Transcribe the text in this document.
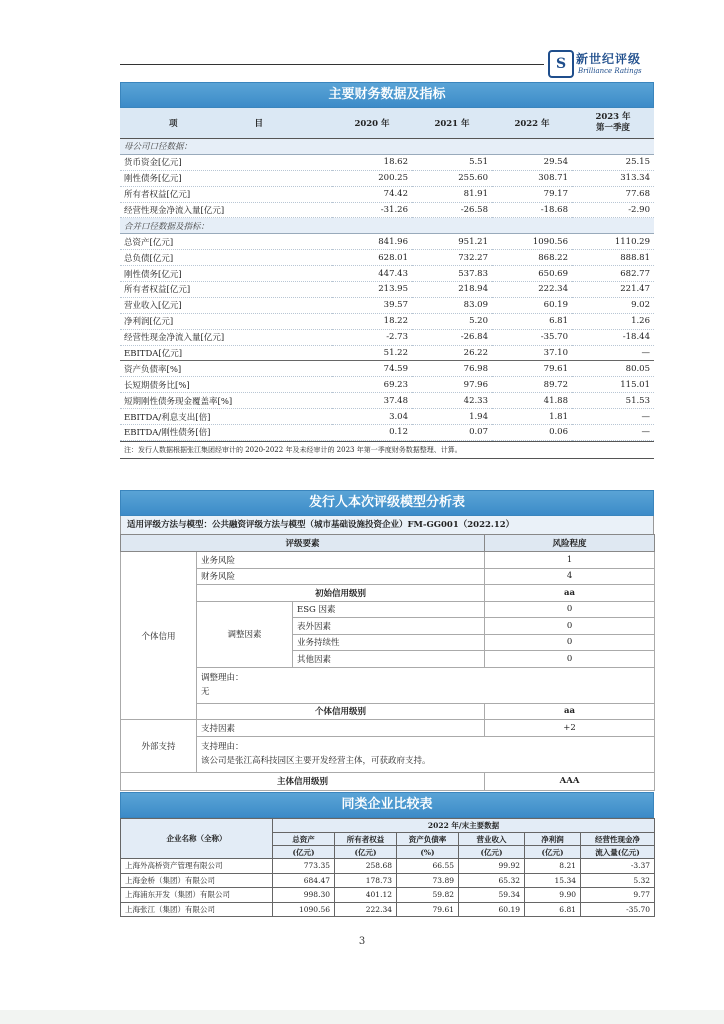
S 新世纪评级
Brilliance Ratings
主要财务数据及指标
项　　目	2020 年	2021 年	2022 年	2023 年
第一季度
母公司口径数据：				
货币资金[亿元]	18.62	5.51	29.54	25.15
刚性债务[亿元]	200.25	255.60	308.71	313.34
所有者权益[亿元]	74.42	81.91	79.17	77.68
经营性现金净流入量[亿元]	-31.26	-26.58	-18.68	-2.90
合并口径数据及指标：				
总资产[亿元]	841.96	951.21	1090.56	1110.29
总负债[亿元]	628.01	732.27	868.22	888.81
刚性债务[亿元]	447.43	537.83	650.69	682.77
所有者权益[亿元]	213.95	218.94	222.34	221.47
营业收入[亿元]	39.57	83.09	60.19	9.02
净利润[亿元]	18.22	5.20	6.81	1.26
经营性现金净流入量[亿元]	-2.73	-26.84	-35.70	-18.44
EBITDA[亿元]	51.22	26.22	37.10	—
资产负债率[%]	74.59	76.98	79.61	80.05
长短期债务比[%]	69.23	97.96	89.72	115.01
短期刚性债务现金覆盖率[%]	37.48	42.33	41.88	51.53
EBITDA/利息支出[倍]	3.04	1.94	1.81	—
EBITDA/刚性债务[倍]	0.12	0.07	0.06	—
注：发行人数据根据张江集团经审计的 2020-2022 年及未经审计的 2023 年第一季度财务数据整理、计算。
发行人本次评级模型分析表
适用评级方法与模型：公共融资评级方法与模型（城市基础设施投资企业）FM-GG001（2022.12）
评级要素			风险程度
个体信用	业务风险		1
	财务风险		4
	初始信用级别		aa
	调整因素	ESG 因素	0
		表外因素	0
		业务持续性	0
		其他因素	0

	调整理由：
无		

	个体信用级别		aa
外部支持	支持因素		+2

	支持理由：
该公司是张江高科技园区主要开发经营主体，可获政府支持。		

主体信用级别			AAA
同类企业比较表
企业名称（全称）	2022 年/末主要数据					
	总资产	所有者权益	资产负债率	营业收入	净利润	经营性现金净
	(亿元)	(亿元)	(%)	(亿元)	(亿元)	流入量(亿元)
上海外高桥资产管理有限公司	773.35	258.68	66.55	99.92	8.21	-3.37
上海金桥（集团）有限公司	684.47	178.73	73.89	65.32	15.34	5.32
上海浦东开发（集团）有限公司	998.30	401.12	59.82	59.34	9.90	9.77
上海张江（集团）有限公司	1090.56	222.34	79.61	60.19	6.81	-35.70
3
